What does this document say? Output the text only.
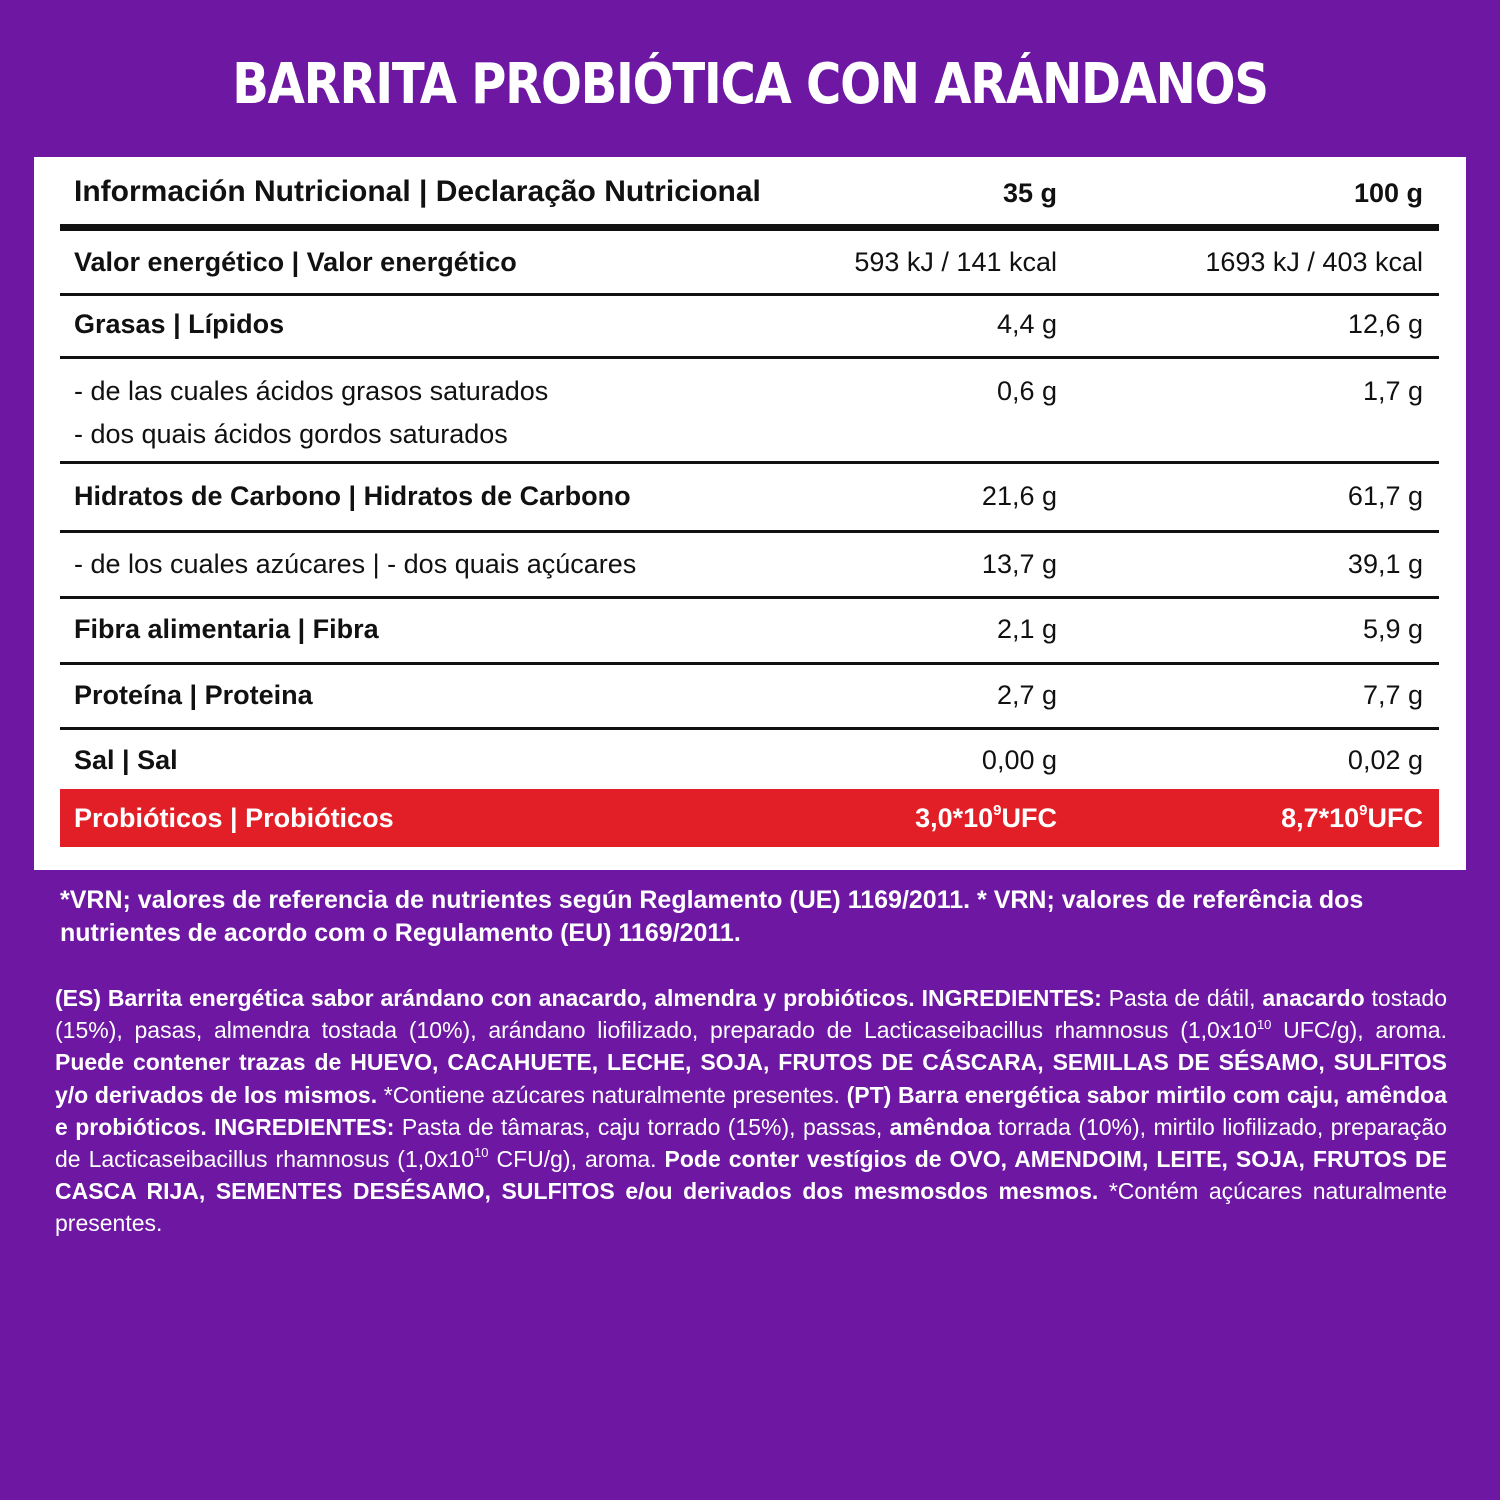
BARRITA PROBIÓTICA CON ARÁNDANOS
Información Nutricional | Declaração Nutricional	35 g	100 g
Valor energético | Valor energético	593 kJ / 141 kcal	1693 kJ / 403 kcal
Grasas | Lípidos	4,4 g	12,6 g
- de las cuales ácidos grasos saturados	0,6 g	1,7 g
- dos quais ácidos gordos saturados
Hidratos de Carbono | Hidratos de Carbono	21,6 g	61,7 g
- de los cuales azúcares | - dos quais açúcares	13,7 g	39,1 g
Fibra alimentaria | Fibra	2,1 g	5,9 g
Proteína | Proteina	2,7 g	7,7 g
Sal | Sal	0,00 g	0,02 g
Probióticos | Probióticos	$3,0*10^9UFC$	$8,7*10^9UFC$
*VRN; valores de referencia de nutrientes según Reglamento (UE) 1169/2011. * VRN; valores de referência dos nutrientes de acordo com o Regulamento (EU) 1169/2011.
(ES) Barrita energética sabor arándano con anacardo, almendra y probióticos. INGREDIENTES: Pasta de dátil, anacardo tostado (15%), pasas, almendra tostada (10%), arándano liofilizado, preparado de Lacticaseibacillus rhamnosus ($1,0x10^{10}$ UFC/g), aroma. Puede contener trazas de HUEVO, CACAHUETE, LECHE, SOJA, FRUTOS DE CÁSCARA, SEMILLAS DE SÉSAMO, SULFITOS y/o derivados de los mismos. *Contiene azúcares naturalmente presentes. (PT) Barra energética sabor mirtilo com caju, amêndoa e probióticos. INGREDIENTES: Pasta de tâmaras, caju torrado (15%), passas, amêndoa torrada (10%), mirtilo liofilizado, preparação de Lacticaseibacillus rhamnosus ($1,0x10^{10}$ CFU/g), aroma. Pode conter vestígios de OVO, AMENDOIM, LEITE, SOJA, FRUTOS DE CASCA RIJA, SEMENTES DESÉSAMO, SULFITOS e/ou derivados dos mesmosdos mesmos. *Contém açúcares naturalmente presentes.
